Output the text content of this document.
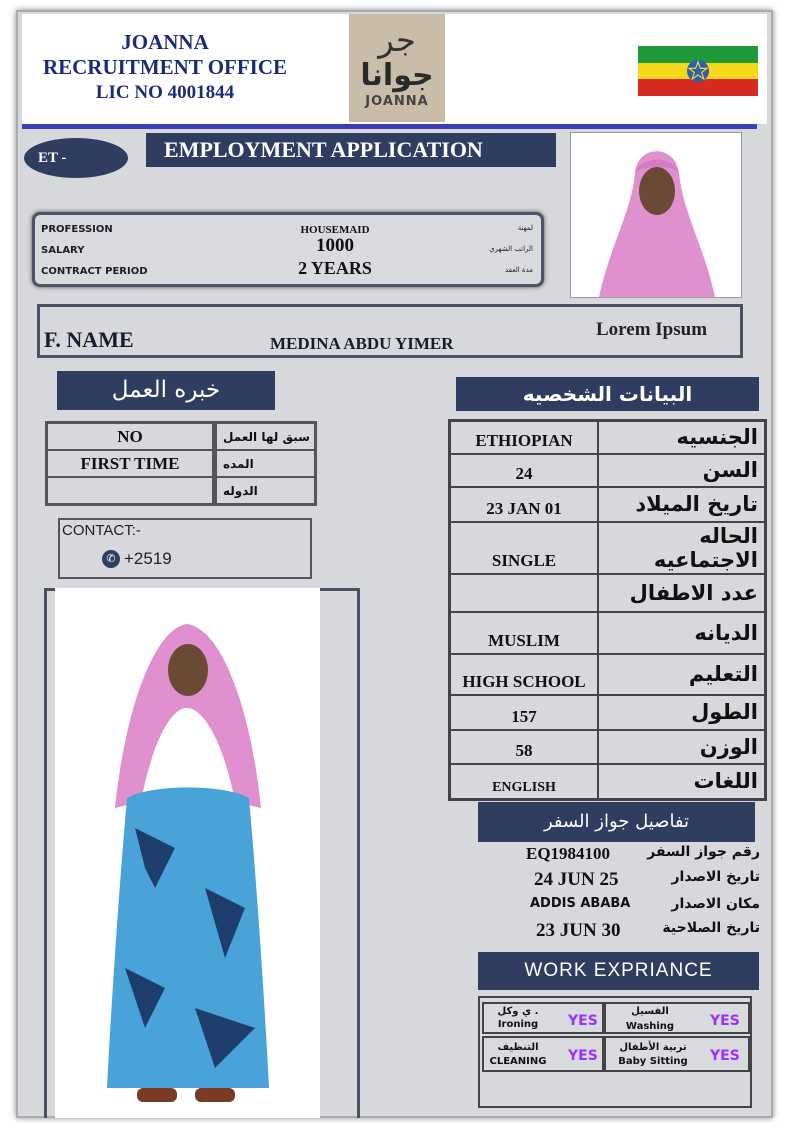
JOANNA
RECRUITMENT OFFICE
LIC NO 4001844
جر
جوانا
JOANNA
ET -	EMPLOYMENT APPLICATION
PROFESSION	HOUSEMAID	لمهنة
SALARY	1000	الراتب الشهري
CONTRACT PERIOD	2 YEARS	مدة العقد
F. NAME	MEDINA ABDU YIMER
Lorem Ipsum
خبره العمل	البيانات الشخصيه
NO	سبق لها العمل
FIRST TIME	المده
	الدوله
CONTACT:-
✆ +2519
ETHIOPIAN	الجنسيه
24	السن
23 JAN 01	تاريخ الميلاد
SINGLE	الحاله الاجتماعيه
	عدد الاطفال
MUSLIM	الديانه
HIGH SCHOOL	التعليم
157	الطول
58	الوزن
ENGLISH	اللغات
تفاصيل جواز السفر
EQ1984100	رقم جواز السفر
24 JUN 25	تاريخ الاصدار
ADDIS ABABA	مكان الاصدار
23 JUN 30	تاريخ الصلاحية
WORK EXPRIANCE
ي وكل .
Ironing	YES
الفسيل
Washing	YES
التنظيف
CLEANING YES
تربية الأطفال
Baby Sitting	YES
